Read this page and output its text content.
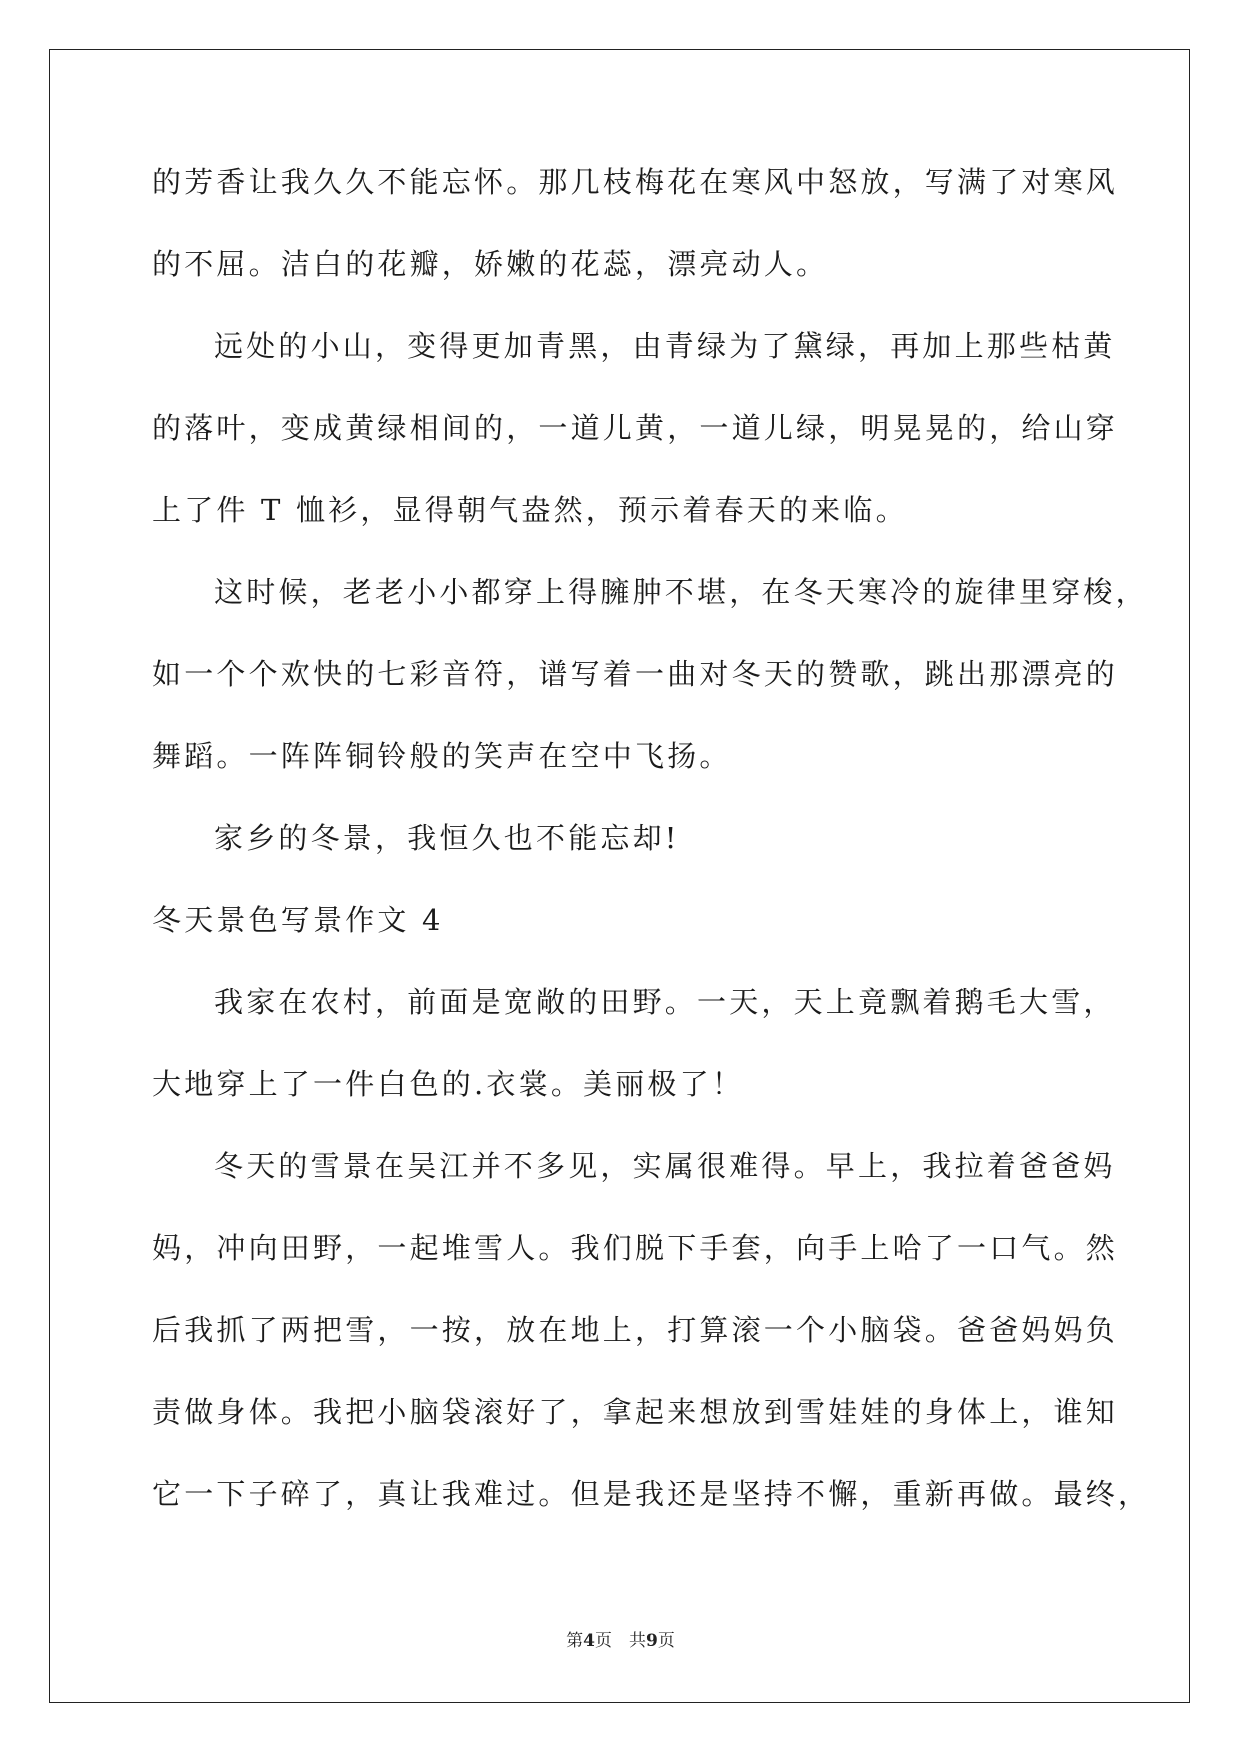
的芳香让我久久不能忘怀。那几枝梅花在寒风中怒放，写满了对寒风
的不屈。洁白的花瓣，娇嫩的花蕊，漂亮动人。
远处的小山，变得更加青黑，由青绿为了黛绿，再加上那些枯黄
的落叶，变成黄绿相间的，一道儿黄，一道儿绿，明晃晃的，给山穿
上了件 T 恤衫，显得朝气盎然，预示着春天的来临。
这时候，老老小小都穿上得臃肿不堪，在冬天寒冷的旋律里穿梭，
如一个个欢快的七彩音符，谱写着一曲对冬天的赞歌，跳出那漂亮的
舞蹈。一阵阵铜铃般的笑声在空中飞扬。
家乡的冬景，我恒久也不能忘却!
冬天景色写景作文 4
我家在农村，前面是宽敞的田野。一天，天上竟飘着鹅毛大雪，
大地穿上了一件白色的.衣裳。美丽极了！
冬天的雪景在吴江并不多见，实属很难得。早上，我拉着爸爸妈
妈，冲向田野，一起堆雪人。我们脱下手套，向手上哈了一口气。然
后我抓了两把雪，一按，放在地上，打算滚一个小脑袋。爸爸妈妈负
责做身体。我把小脑袋滚好了，拿起来想放到雪娃娃的身体上，谁知
它一下子碎了，真让我难过。但是我还是坚持不懈，重新再做。最终，
第4页　共9页
